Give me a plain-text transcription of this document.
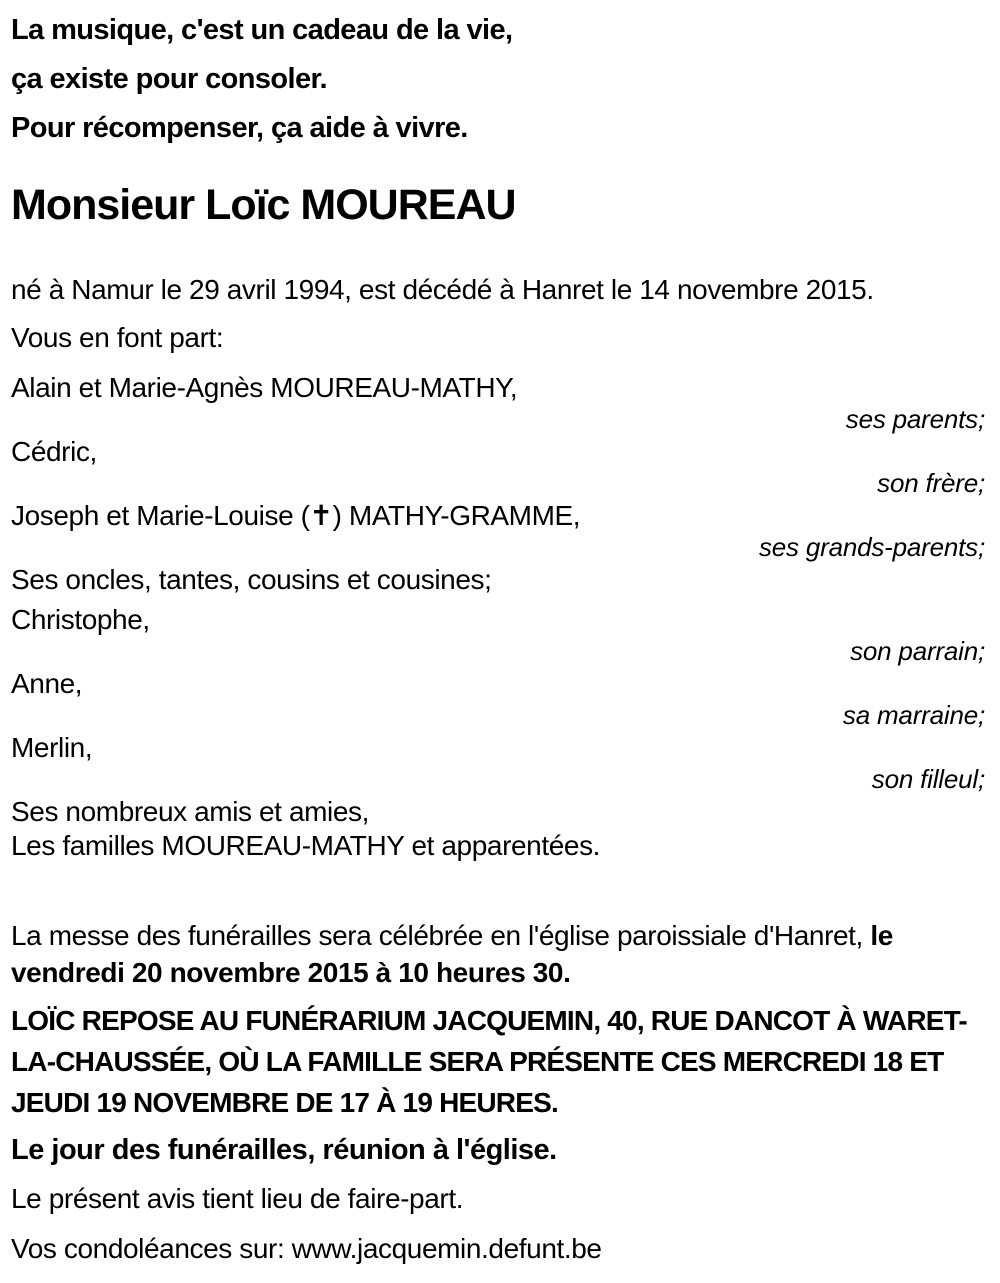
La musique, c'est un cadeau de la vie,
ça existe pour consoler.
Pour récompenser, ça aide à vivre.
Monsieur Loïc MOUREAU
né à Namur le 29 avril 1994, est décédé à Hanret le 14 novembre 2015.
Vous en font part:
Alain et Marie-Agnès MOUREAU-MATHY,
ses parents;
Cédric,
son frère;
Joseph et Marie-Louise (✝) MATHY-GRAMME,
ses grands-parents;
Ses oncles, tantes, cousins et cousines;
Christophe,
son parrain;
Anne,
sa marraine;
Merlin,
son filleul;
Ses nombreux amis et amies,
Les familles MOUREAU-MATHY et apparentées.
La messe des funérailles sera célébrée en l'église paroissiale d'Hanret, le
vendredi 20 novembre 2015 à 10 heures 30.
LOÏC REPOSE AU FUNÉRARIUM JACQUEMIN, 40, RUE DANCOT À WARET-
LA-CHAUSSÉE, OÙ LA FAMILLE SERA PRÉSENTE CES MERCREDI 18 ET
JEUDI 19 NOVEMBRE DE 17 À 19 HEURES.
Le jour des funérailles, réunion à l'église.
Le présent avis tient lieu de faire-part.
Vos condoléances sur: www.jacquemin.defunt.be
